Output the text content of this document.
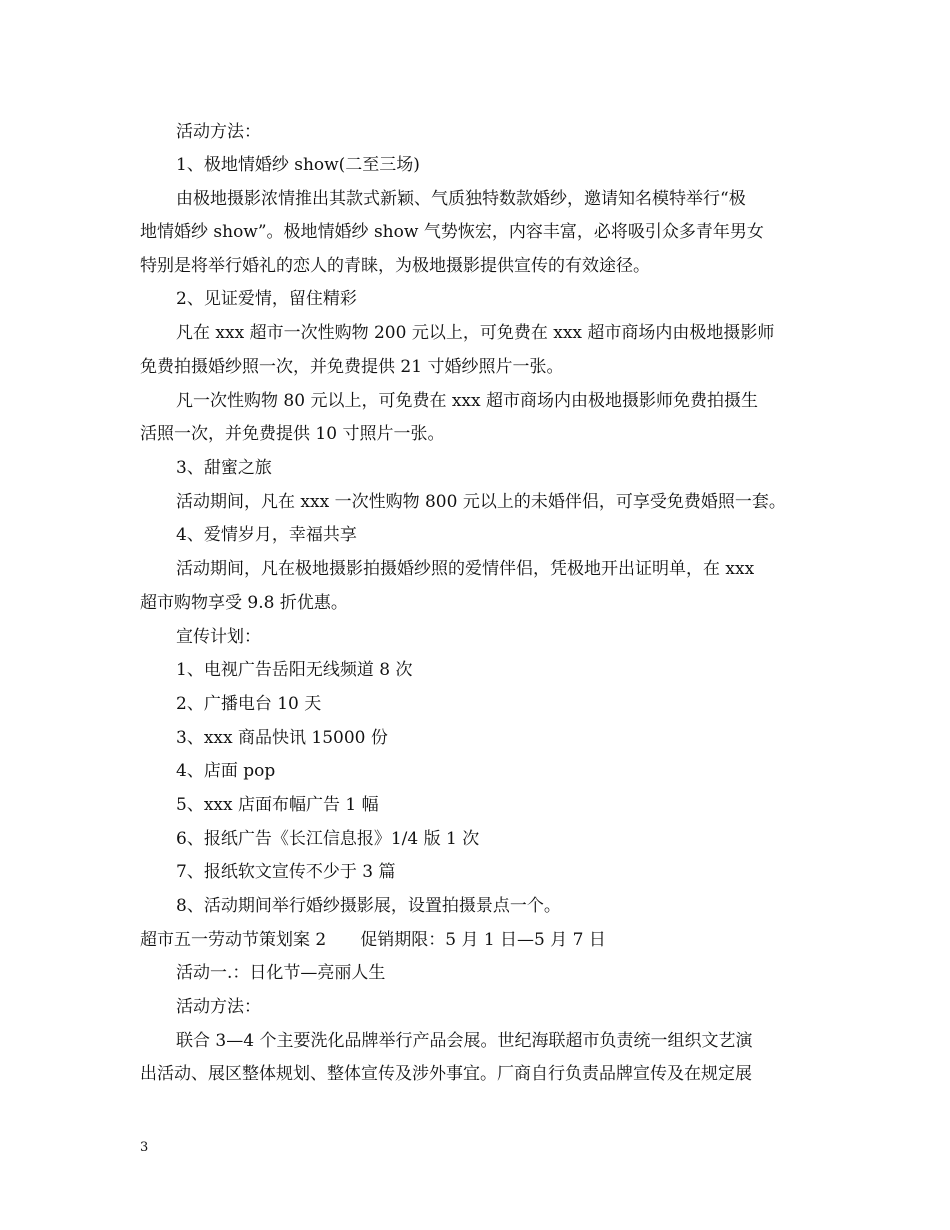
活动方法：
1、极地情婚纱 show(二至三场)
由极地摄影浓情推出其款式新颖、气质独特数款婚纱，邀请知名模特举行“极
地情婚纱 show”。极地情婚纱 show 气势恢宏，内容丰富，必将吸引众多青年男女
特别是将举行婚礼的恋人的青睐，为极地摄影提供宣传的有效途径。
2、见证爱情，留住精彩
凡在 xxx 超市一次性购物 200 元以上，可免费在 xxx 超市商场内由极地摄影师
免费拍摄婚纱照一次，并免费提供 21 寸婚纱照片一张。
凡一次性购物 80 元以上，可免费在 xxx 超市商场内由极地摄影师免费拍摄生
活照一次，并免费提供 10 寸照片一张。
3、甜蜜之旅
活动期间，凡在 xxx 一次性购物 800 元以上的未婚伴侣，可享受免费婚照一套。
4、爱情岁月，幸福共享
活动期间，凡在极地摄影拍摄婚纱照的爱情伴侣，凭极地开出证明单，在 xxx
超市购物享受 9.8 折优惠。
宣传计划：
1、电视广告岳阳无线频道 8 次
2、广播电台 10 天
3、xxx 商品快讯 15000 份
4、店面 pop
5、xxx 店面布幅广告 1 幅
6、报纸广告《长江信息报》1/4 版 1 次
7、报纸软文宣传不少于 3 篇
8、活动期间举行婚纱摄影展，设置拍摄景点一个。
超市五一劳动节策划案 2　　促销期限：5 月 1 日—5 月 7 日
活动一.：日化节—亮丽人生
活动方法：
联合 3—4 个主要洗化品牌举行产品会展。世纪海联超市负责统一组织文艺演
出活动、展区整体规划、整体宣传及涉外事宜。厂商自行负责品牌宣传及在规定展
3
